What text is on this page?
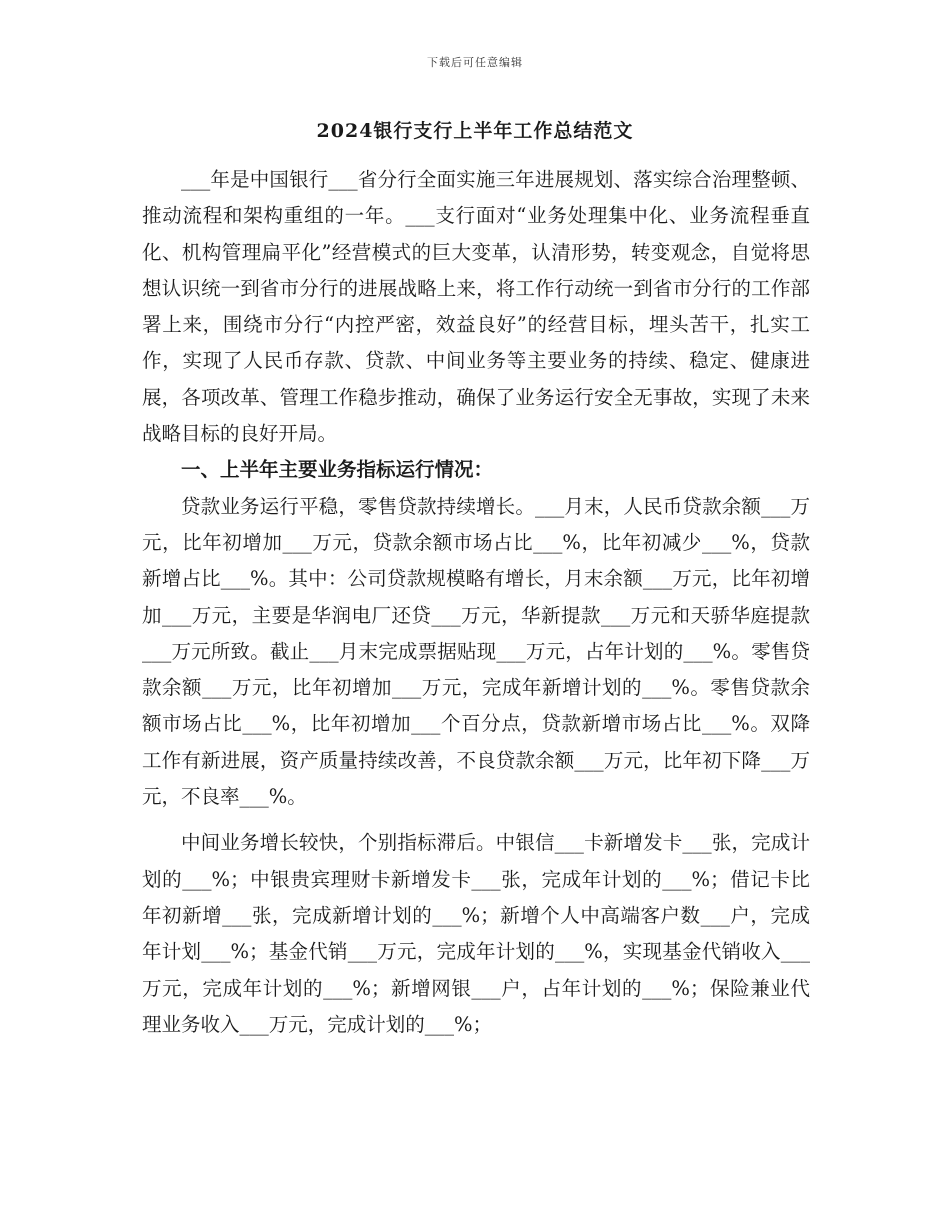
下载后可任意编辑
2024银行支行上半年工作总结范文

___年是中国银行___省分行全面实施三年进展规划、落实综合治理整顿、推动流程和架构重组的一年。___支行面对“业务处理集中化、业务流程垂直化、机构管理扁平化”经营模式的巨大变革，认清形势，转变观念，自觉将思想认识统一到省市分行的进展战略上来，将工作行动统一到省市分行的工作部署上来，围绕市分行“内控严密，效益良好”的经营目标，埋头苦干，扎实工作，实现了人民币存款、贷款、中间业务等主要业务的持续、稳定、健康进展，各项改革、管理工作稳步推动，确保了业务运行安全无事故，实现了未来战略目标的良好开局。

一、上半年主要业务指标运行情况：

贷款业务运行平稳，零售贷款持续增长。___月末，人民币贷款余额___万元，比年初增加___万元，贷款余额市场占比___%，比年初减少___%，贷款新增占比___%。其中：公司贷款规模略有增长，月末余额___万元，比年初增加___万元，主要是华润电厂还贷___万元，华新提款___万元和天骄华庭提款___万元所致。截止___月末完成票据贴现___万元，占年计划的___%。零售贷款余额___万元，比年初增加___万元，完成年新增计划的___%。零售贷款余额市场占比___%，比年初增加___个百分点，贷款新增市场占比___%。双降工作有新进展，资产质量持续改善，不良贷款余额___万元，比年初下降___万元，不良率___%。

中间业务增长较快，个别指标滞后。中银信___卡新增发卡___张，完成计划的___%；中银贵宾理财卡新增发卡___张，完成年计划的___%；借记卡比年初新增___张，完成新增计划的___%；新增个人中高端客户数___户，完成年计划___%；基金代销___万元，完成年计划的___%，实现基金代销收入___万元，完成年计划的___%；新增网银___户，占年计划的___%；保险兼业代理业务收入___万元，完成计划的___%；
